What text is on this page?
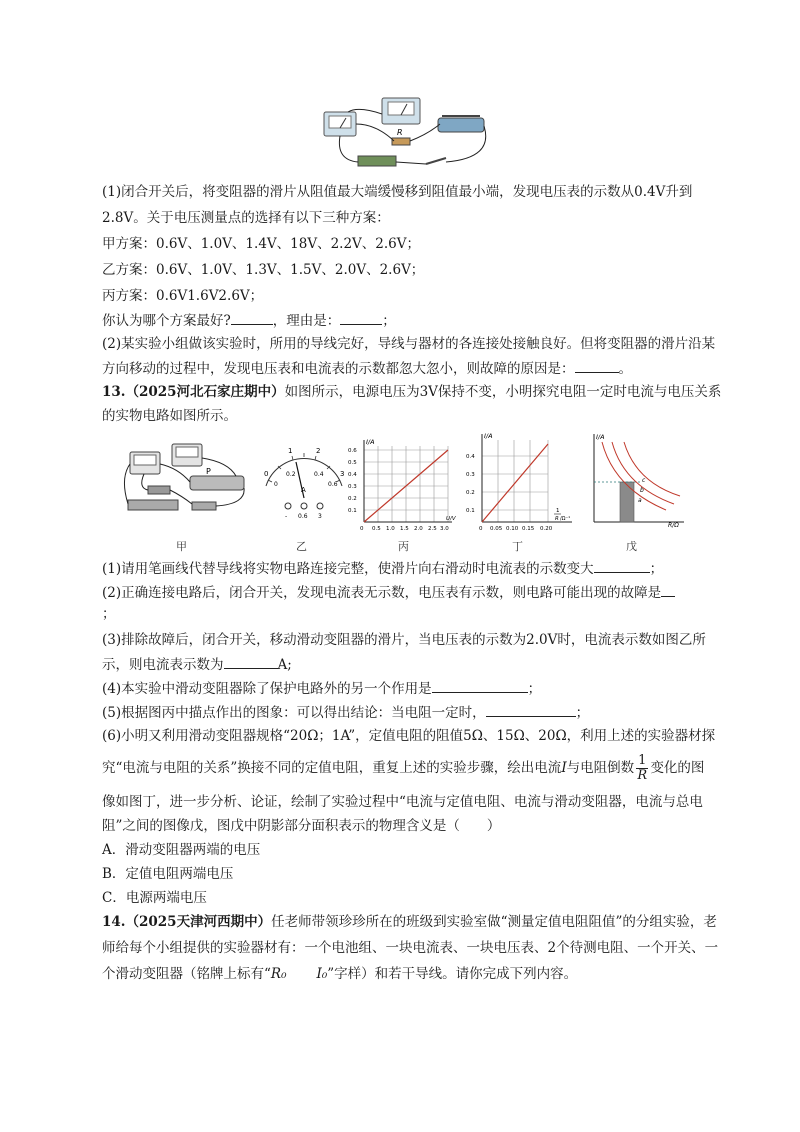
R
(1)闭合开关后，将变阻器的滑片从阻值最大端缓慢移到阻值最小端，发现电压表的示数从0.4V升到
2.8V。关于电压测量点的选择有以下三种方案：
甲方案：0.6V、1.0V、1.4V、18V、2.2V、2.6V；
乙方案：0.6V、1.0V、1.3V、1.5V、2.0V、2.6V；
丙方案：0.6V1.6V2.6V；
你认为哪个方案最好?	，理由是：	；
(2)某实验小组做该实验时，所用的导线完好，导线与器材的各连接处接触良好。但将变阻器的滑片沿某
方向移动的过程中，发现电压表和电流表的示数都忽大忽小，则故障的原因是：	。
13.（2025河北石家庄期中）如图所示，电源电压为3V保持不变，小明探究电阻一定时电流与电压关系
的实物电路如图所示。
P
甲
0
1	2
3
0
0.2	0.4
0.6
A
- 0.6 3
乙
I/A
0.6
0.5
0.4
0.3
0.2
0.1
0 0.5 1.0 1.5 2.0 2.5 3.0
U/V
丙
I/A
0.4
0.3
0.2
0.1
0 0.05 0.10 0.15 0.20
1
R /Ω⁻¹
丁
I/A
R/Ω
c
b
a
戊
(1)请用笔画线代替导线将实物电路连接完整，使滑片向右滑动时电流表的示数变大	；
(2)正确连接电路后，闭合开关，发现电流表无示数，电压表有示数，则电路可能出现的故障是
；
(3)排除故障后，闭合开关，移动滑动变阻器的滑片，当电压表的示数为2.0V时，电流表示数如图乙所
示，则电流表示数为	A;
(4)本实验中滑动变阻器除了保护电路外的另一个作用是	；
(5)根据图丙中描点作出的图象：可以得出结论：当电阻一定时，	；
(6)小明又利用滑动变阻器规格“20Ω；1A”，定值电阻的阻值5Ω、15Ω、20Ω，利用上述的实验器材探
究“电流与电阻的关系”换接不同的定值电阻，重复上述的实验步骤，绘出电流I与电阻倒数 $\frac{1}{R}$ 变化的图
像如图丁，进一步分析、论证，绘制了实验过程中“电流与定值电阻、电流与滑动变阻器，电流与总电
阻”之间的图像戊，图戊中阴影部分面积表示的物理含义是（　　）
A．滑动变阻器两端的电压
B．定值电阻两端电压
C．电源两端电压
14.（2025天津河西期中）任老师带领珍珍所在的班级到实验室做“测量定值电阻阻值”的分组实验，老
师给每个小组提供的实验器材有：一个电池组、一块电流表、一块电压表、2个待测电阻、一个开关、一
个滑动变阻器（铭牌上标有“R₀ I₀”字样）和若干导线。请你完成下列内容。
